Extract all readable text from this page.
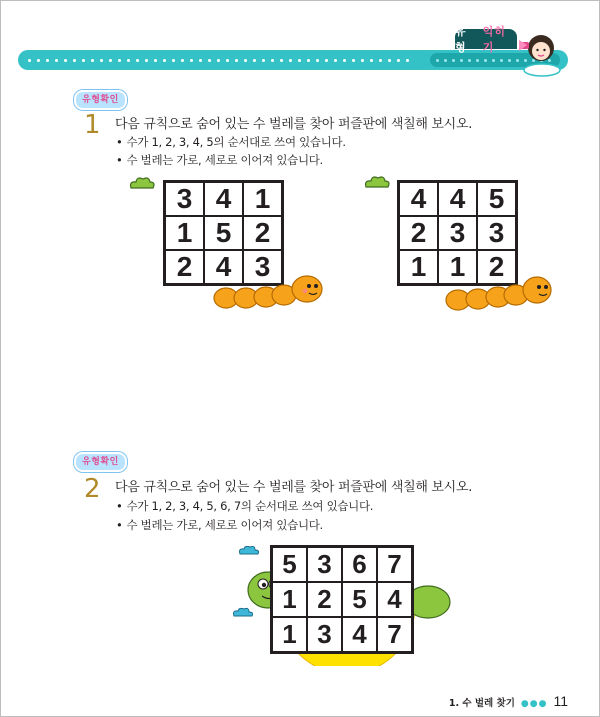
유형

익히기
유형확인
1 다음 규칙으로 숨어 있는 수 벌레를 찾아 퍼즐판에 색칠해 보시오.
• 수가 1, 2, 3, 4, 5의 순서대로 쓰여 있습니다.
• 수 벌레는 가로, 세로로 이어져 있습니다.
3 4 1
1 5 2
2 4 3
4 4 5
2 3 3
1 1 2
유형확인
2 다음 규칙으로 숨어 있는 수 벌레를 찾아 퍼즐판에 색칠해 보시오.
• 수가 1, 2, 3, 4, 5, 6, 7의 순서대로 쓰여 있습니다.
• 수 벌레는 가로, 세로로 이어져 있습니다.
5 3 6 7
1 2 5 4
1 3 4 7
1. 수 벌레 찾기 ●●● 11
